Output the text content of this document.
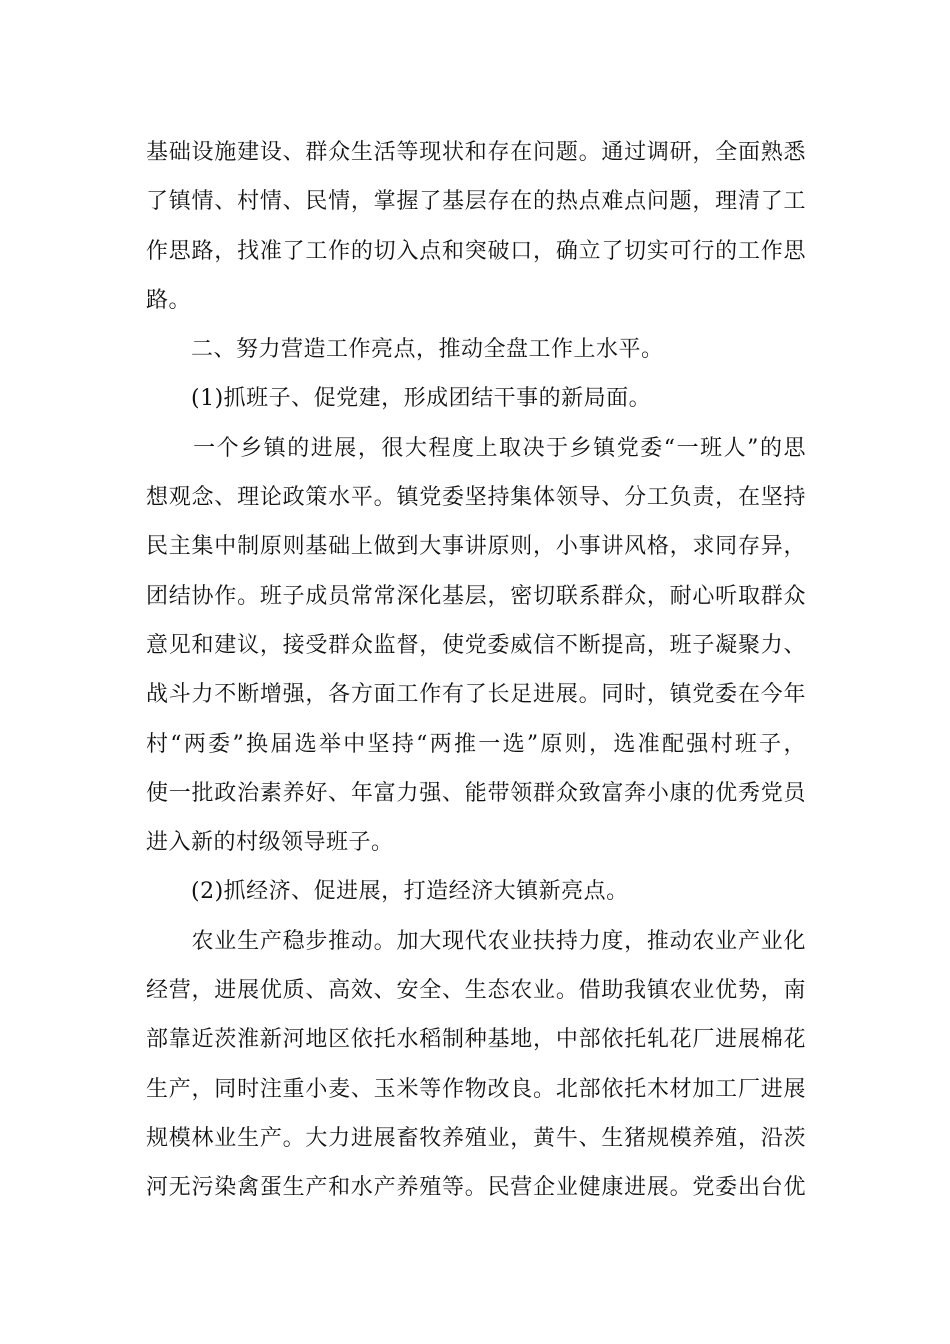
基础设施建设、群众生活等现状和存在问题。通过调研，全面熟悉
了镇情、村情、民情，掌握了基层存在的热点难点问题，理清了工
作思路，找准了工作的切入点和突破口，确立了切实可行的工作思
路。
　　二、努力营造工作亮点，推动全盘工作上水平。
　　(1)抓班子、促党建，形成团结干事的新局面。
　　一个乡镇的进展，很大程度上取决于乡镇党委“一班人”的思
想观念、理论政策水平。镇党委坚持集体领导、分工负责，在坚持
民主集中制原则基础上做到大事讲原则，小事讲风格，求同存异，
团结协作。班子成员常常深化基层，密切联系群众，耐心听取群众
意见和建议，接受群众监督，使党委威信不断提高，班子凝聚力、
战斗力不断增强，各方面工作有了长足进展。同时，镇党委在今年
村“两委”换届选举中坚持“两推一选”原则，选准配强村班子，
使一批政治素养好、年富力强、能带领群众致富奔小康的优秀党员
进入新的村级领导班子。
　　(2)抓经济、促进展，打造经济大镇新亮点。
　　农业生产稳步推动。加大现代农业扶持力度，推动农业产业化
经营，进展优质、高效、安全、生态农业。借助我镇农业优势，南
部靠近茨淮新河地区依托水稻制种基地，中部依托轧花厂进展棉花
生产，同时注重小麦、玉米等作物改良。北部依托木材加工厂进展
规模林业生产。大力进展畜牧养殖业，黄牛、生猪规模养殖，沿茨
河无污染禽蛋生产和水产养殖等。民营企业健康进展。党委出台优
